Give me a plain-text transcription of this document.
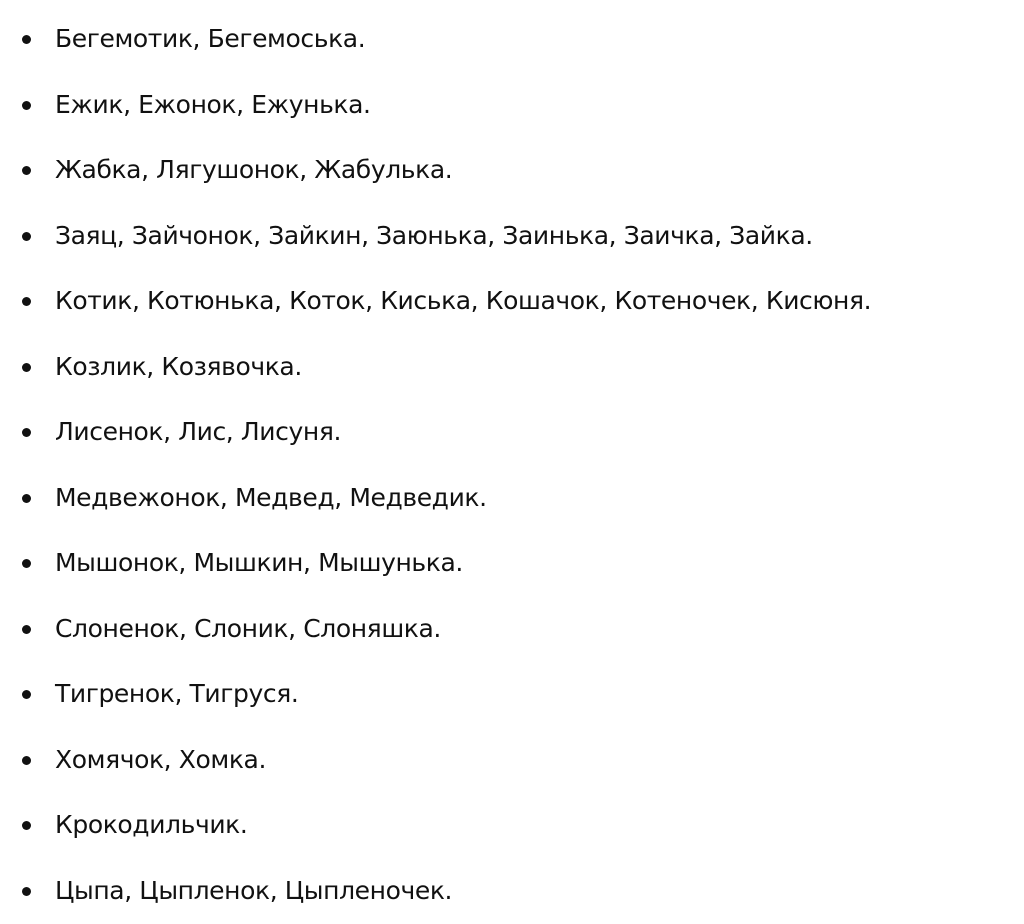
Бегемотик, Бегемоська.
Ежик, Ежонок, Ежунька.
Жабка, Лягушонок, Жабулька.
Заяц, Зайчонок, Зайкин, Заюнька, Заинька, Заичка, Зайка.
Котик, Котюнька, Коток, Киська, Кошачок, Котеночек, Кисюня.
Козлик, Козявочка.
Лисенок, Лис, Лисуня.
Медвежонок, Медвед, Медведик.
Мышонок, Мышкин, Мышунька.
Слоненок, Слоник, Слоняшка.
Тигренок, Тигруся.
Хомячок, Хомка.
Крокодильчик.
Цыпа, Цыпленок, Цыпленочек.
